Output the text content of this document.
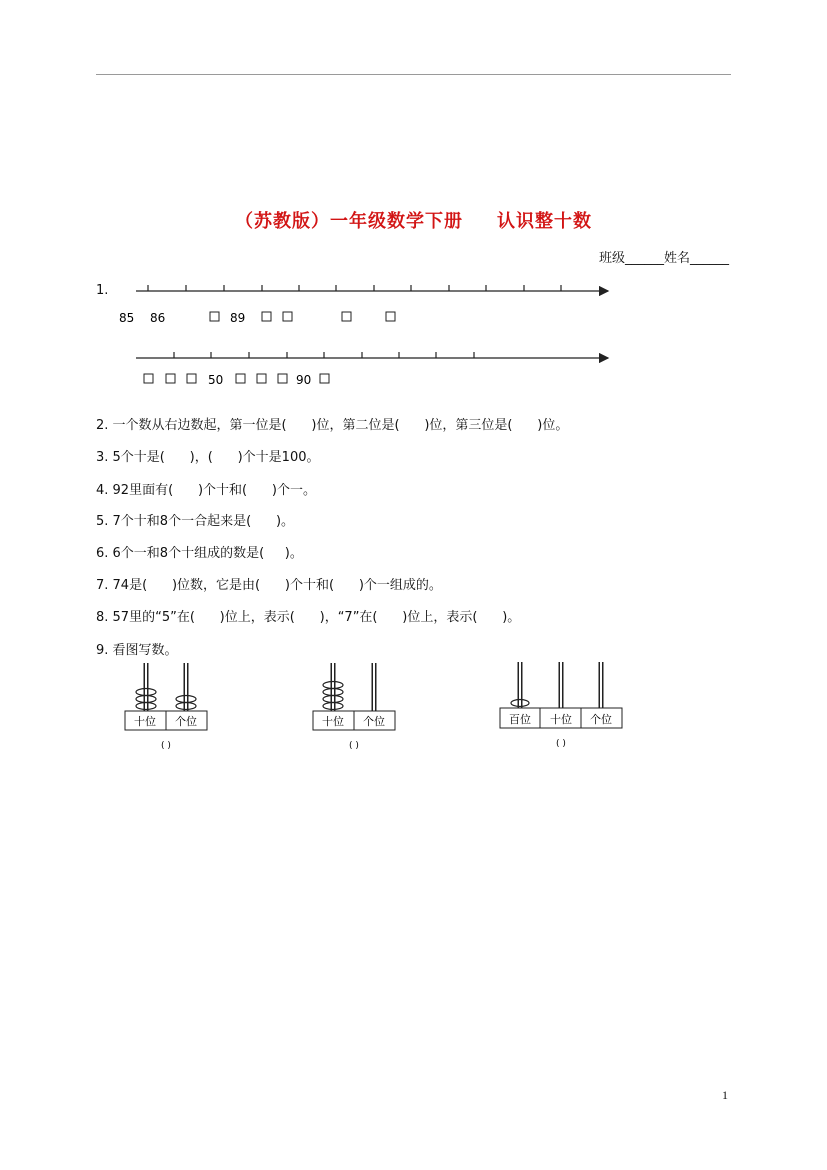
（苏教版）一年级数学下册 认识整十数
班级______姓名______
1.
85 86	89
50	90
2. 一个数从右边数起，第一位是(      )位，第二位是(      )位，第三位是(      )位。
3. 5个十是(      )，(      )个十是100。
4. 92里面有(      )个十和(      )个一。
5. 7个十和8个一合起来是(      )。
6. 6个一和8个十组成的数是(     )。
7. 74是(      )位数，它是由(      )个十和(      )个一组成的。
8. 57里的“5”在(      )位上，表示(      )，“7”在(      )位上，表示(      )。
9. 看图写数。
十位 个位
( )
十位 个位
( )
百位 十位 个位
( )
1
